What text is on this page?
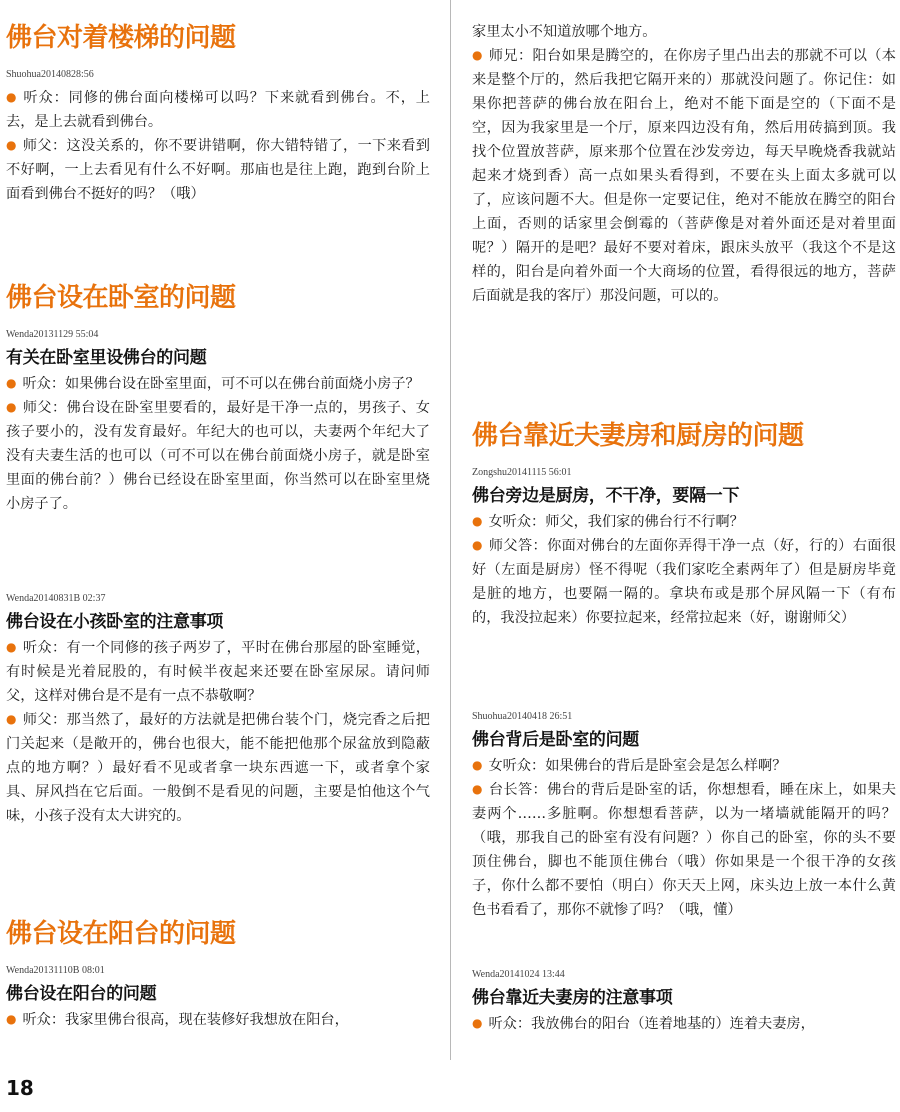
佛台对着楼梯的问题
Shuohua20140828:56

● 听众：同修的佛台面向楼梯可以吗？下来就看到佛台。不，上去，是上去就看到佛台。

● 师父：这没关系的，你不要讲错啊，你大错特错了，一下来看到不好啊，一上去看见有什么不好啊。那庙也是往上跑，跑到台阶上面看到佛台不挺好的吗？（哦）

佛台设在卧室的问题
Wenda20131129 55:04
有关在卧室里设佛台的问题

● 听众：如果佛台设在卧室里面，可不可以在佛台前面烧小房子？

● 师父：佛台设在卧室里要看的，最好是干净一点的，男孩子、女孩子要小的，没有发育最好。年纪大的也可以，夫妻两个年纪大了没有夫妻生活的也可以（可不可以在佛台前面烧小房子，就是卧室里面的佛台前？）佛台已经设在卧室里面，你当然可以在卧室里烧小房子了。

Wenda20140831B 02:37
佛台设在小孩卧室的注意事项

● 听众：有一个同修的孩子两岁了，平时在佛台那屋的卧室睡觉，有时候是光着屁股的，有时候半夜起来还要在卧室尿尿。请问师父，这样对佛台是不是有一点不恭敬啊？

● 师父：那当然了，最好的方法就是把佛台装个门，烧完香之后把门关起来（是敞开的，佛台也很大，能不能把他那个尿盆放到隐蔽点的地方啊？）最好看不见或者拿一块东西遮一下，或者拿个家具、屏风挡在它后面。一般倒不是看见的问题，主要是怕他这个气味，小孩子没有太大讲究的。

佛台设在阳台的问题
Wenda20131110B 08:01
佛台设在阳台的问题

● 听众：我家里佛台很高，现在装修好我想放在阳台，

家里太小不知道放哪个地方。

● 师兄：阳台如果是腾空的，在你房子里凸出去的那就不可以（本来是整个厅的，然后我把它隔开来的）那就没问题了。你记住：如果你把菩萨的佛台放在阳台上，绝对不能下面是空的（下面不是空，因为我家里是一个厅，原来四边没有角，然后用砖搞到顶。我找个位置放菩萨，原来那个位置在沙发旁边，每天早晚烧香我就站起来才烧到香）高一点如果头看得到，不要在头上面太多就可以了，应该问题不大。但是你一定要记住，绝对不能放在腾空的阳台上面，否则的话家里会倒霉的（菩萨像是对着外面还是对着里面呢？）隔开的是吧？最好不要对着床，跟床头放平（我这个不是这样的，阳台是向着外面一个大商场的位置，看得很远的地方，菩萨后面就是我的客厅）那没问题，可以的。

佛台靠近夫妻房和厨房的问题
Zongshu20141115 56:01
佛台旁边是厨房，不干净，要隔一下

● 女听众：师父，我们家的佛台行不行啊？

● 师父答：你面对佛台的左面你弄得干净一点（好，行的）右面很好（左面是厨房）怪不得呢（我们家吃全素两年了）但是厨房毕竟是脏的地方，也要隔一隔的。拿块布或是那个屏风隔一下（有布的，我没拉起来）你要拉起来，经常拉起来（好，谢谢师父）

Shuohua20140418 26:51
佛台背后是卧室的问题

● 女听众：如果佛台的背后是卧室会是怎么样啊？

● 台长答：佛台的背后是卧室的话，你想想看，睡在床上，如果夫妻两个……多脏啊。你想想看菩萨，以为一堵墙就能隔开的吗？（哦，那我自己的卧室有没有问题？）你自己的卧室，你的头不要顶住佛台，脚也不能顶住佛台（哦）你如果是一个很干净的女孩子，你什么都不要怕（明白）你天天上网，床头边上放一本什么黄色书看看了，那你不就惨了吗？（哦，懂）

Wenda20141024 13:44
佛台靠近夫妻房的注意事项

● 听众：我放佛台的阳台（连着地基的）连着夫妻房，

18
